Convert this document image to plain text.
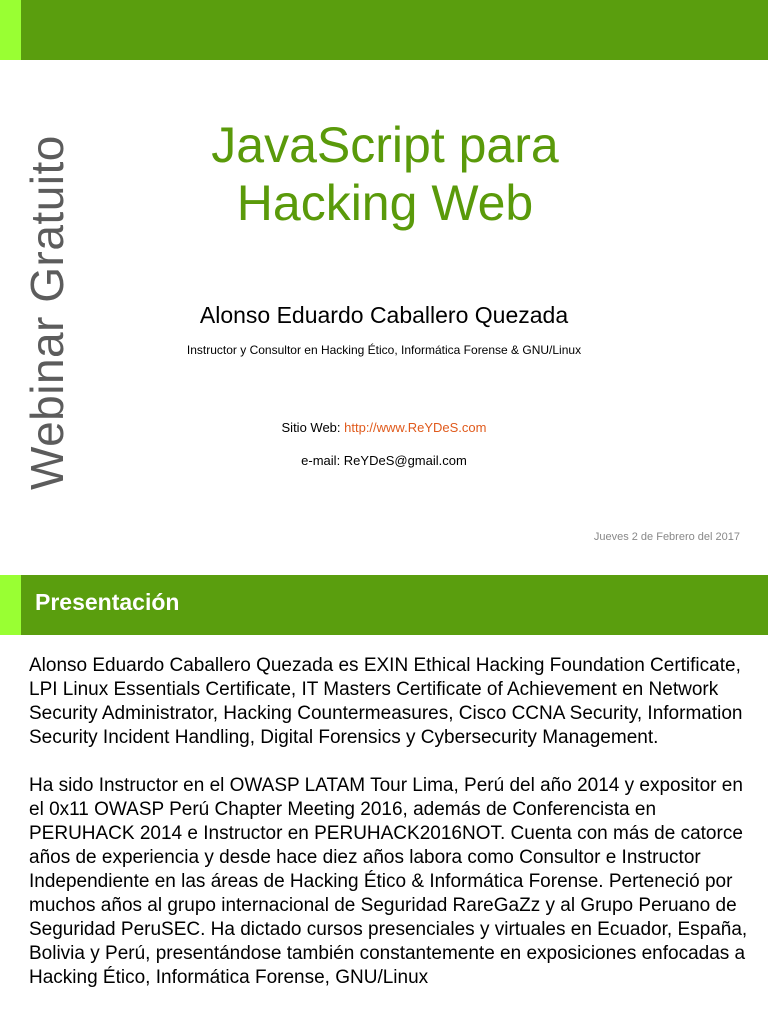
Webinar Gratuito	JavaScript para
Hacking Web
Alonso Eduardo Caballero Quezada
Instructor y Consultor en Hacking Ético, Informática Forense & GNU/Linux
Sitio Web: http://www.ReYDeS.com
e-mail: ReYDeS@gmail.com
Jueves 2 de Febrero del 2017
Presentación

Alonso Eduardo Caballero Quezada es EXIN Ethical Hacking Foundation Certificate, LPI Linux Essentials Certificate, IT Masters Certificate of Achievement en Network Security Administrator, Hacking Countermeasures, Cisco CCNA Security, Information Security Incident Handling, Digital Forensics y Cybersecurity Management.

Ha sido Instructor en el OWASP LATAM Tour Lima, Perú del año 2014 y expositor en el 0x11 OWASP Perú Chapter Meeting 2016, además de Conferencista en PERUHACK 2014 e Instructor en PERUHACK2016NOT. Cuenta con más de catorce años de experiencia y desde hace diez años labora como Consultor e Instructor Independiente en las áreas de Hacking Ético & Informática Forense. Perteneció por muchos años al grupo internacional de Seguridad RareGaZz y al Grupo Peruano de Seguridad PeruSEC. Ha dictado cursos presenciales y virtuales en Ecuador, España, Bolivia y Perú, presentándose también constantemente en exposiciones enfocadas a Hacking Ético, Informática Forense, GNU/Linux
